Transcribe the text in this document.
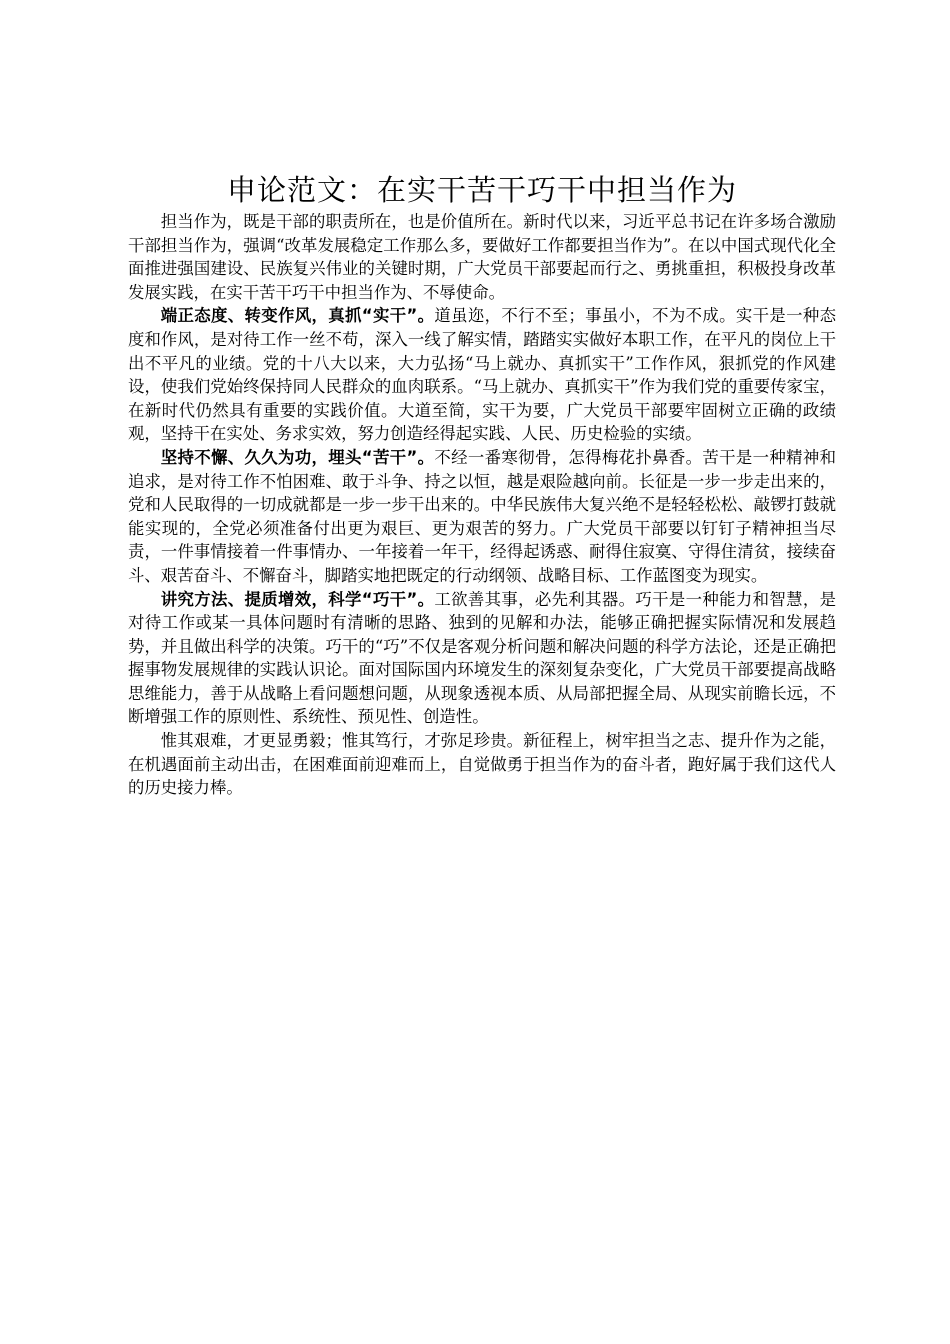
申论范文：在实干苦干巧干中担当作为

担当作为，既是干部的职责所在，也是价值所在。新时代以来，习近平总书记在许多场合激励干部担当作为，强调“改革发展稳定工作那么多，要做好工作都要担当作为”。在以中国式现代化全面推进强国建设、民族复兴伟业的关键时期，广大党员干部要起而行之、勇挑重担，积极投身改革发展实践，在实干苦干巧干中担当作为、不辱使命。

端正态度、转变作风，真抓“实干”。道虽迩，不行不至；事虽小，不为不成。实干是一种态度和作风，是对待工作一丝不苟，深入一线了解实情，踏踏实实做好本职工作，在平凡的岗位上干出不平凡的业绩。党的十八大以来，大力弘扬“马上就办、真抓实干”工作作风，狠抓党的作风建设，使我们党始终保持同人民群众的血肉联系。“马上就办、真抓实干”作为我们党的重要传家宝，在新时代仍然具有重要的实践价值。大道至简，实干为要，广大党员干部要牢固树立正确的政绩观，坚持干在实处、务求实效，努力创造经得起实践、人民、历史检验的实绩。

坚持不懈、久久为功，埋头“苦干”。不经一番寒彻骨，怎得梅花扑鼻香。苦干是一种精神和追求，是对待工作不怕困难、敢于斗争、持之以恒，越是艰险越向前。长征是一步一步走出来的，党和人民取得的一切成就都是一步一步干出来的。中华民族伟大复兴绝不是轻轻松松、敲锣打鼓就能实现的，全党必须准备付出更为艰巨、更为艰苦的努力。广大党员干部要以钉钉子精神担当尽责，一件事情接着一件事情办、一年接着一年干，经得起诱惑、耐得住寂寞、守得住清贫，接续奋斗、艰苦奋斗、不懈奋斗，脚踏实地把既定的行动纲领、战略目标、工作蓝图变为现实。

讲究方法、提质增效，科学“巧干”。工欲善其事，必先利其器。巧干是一种能力和智慧，是对待工作或某一具体问题时有清晰的思路、独到的见解和办法，能够正确把握实际情况和发展趋势，并且做出科学的决策。巧干的“巧”不仅是客观分析问题和解决问题的科学方法论，还是正确把握事物发展规律的实践认识论。面对国际国内环境发生的深刻复杂变化，广大党员干部要提高战略思维能力，善于从战略上看问题想问题，从现象透视本质、从局部把握全局、从现实前瞻长远，不断增强工作的原则性、系统性、预见性、创造性。

惟其艰难，才更显勇毅；惟其笃行，才弥足珍贵。新征程上，树牢担当之志、提升作为之能，在机遇面前主动出击，在困难面前迎难而上，自觉做勇于担当作为的奋斗者，跑好属于我们这代人的历史接力棒。
